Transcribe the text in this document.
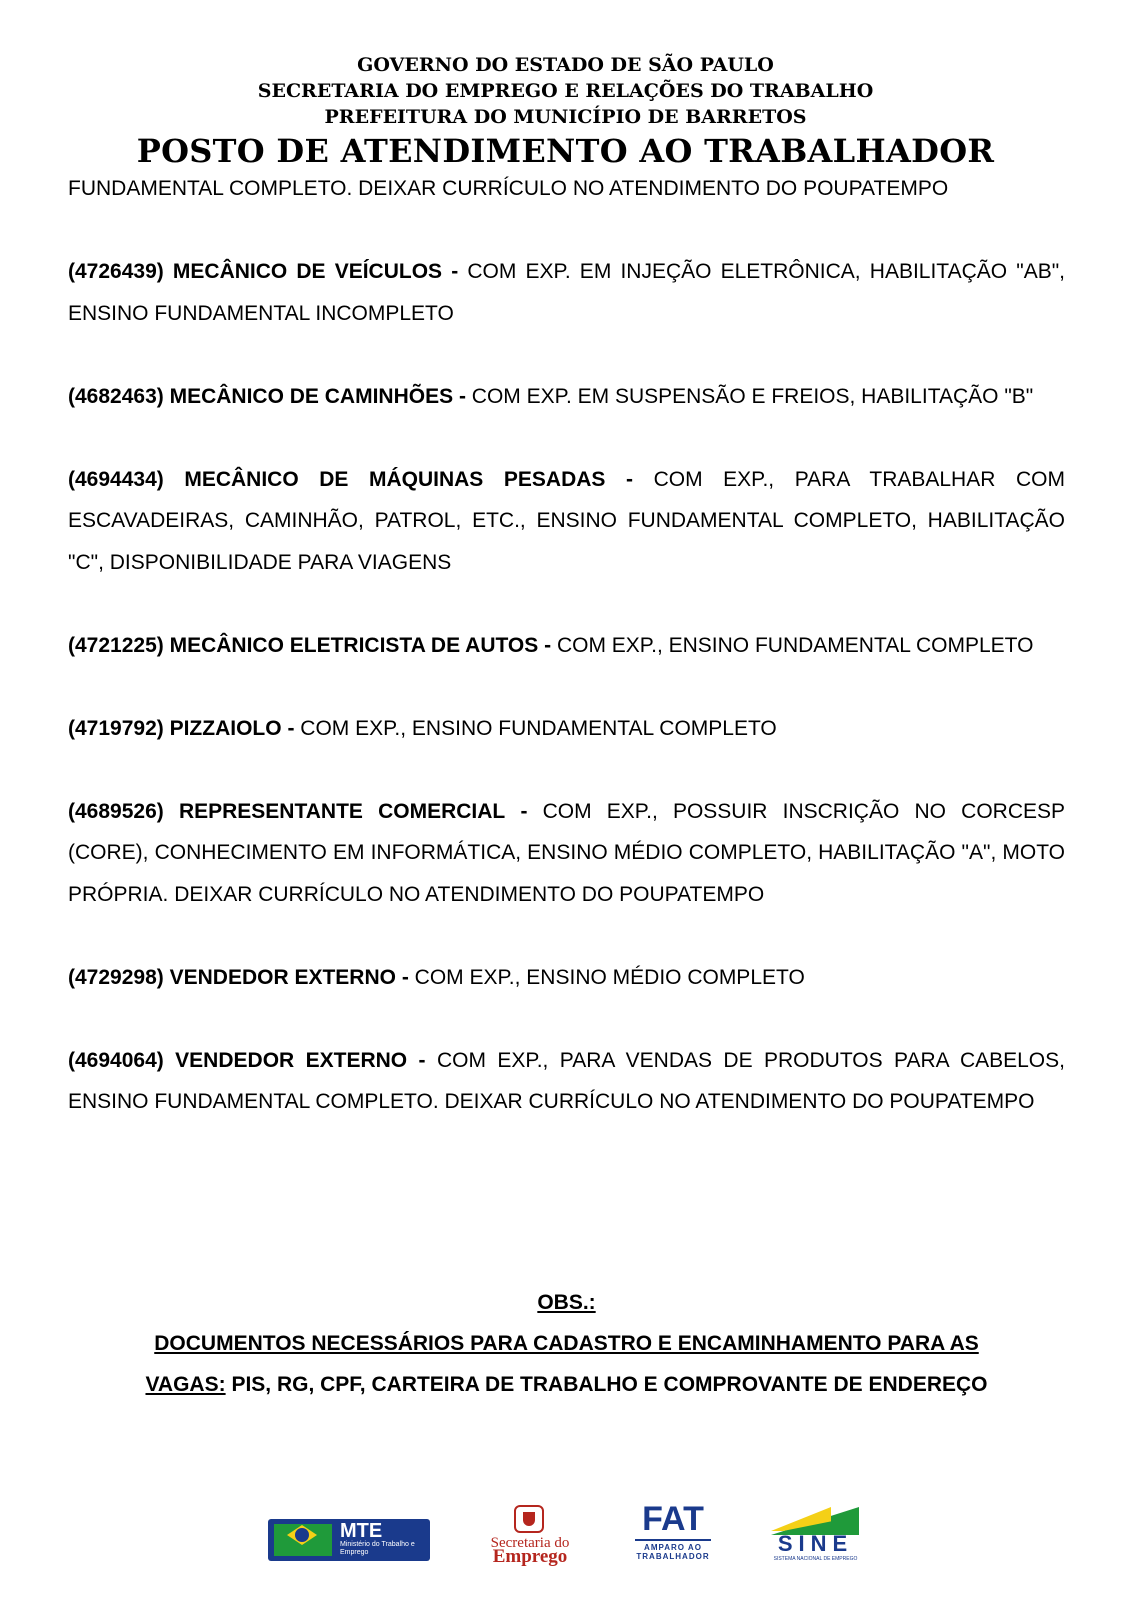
GOVERNO DO ESTADO DE SÃO PAULO

SECRETARIA DO EMPREGO E RELAÇÕES DO TRABALHO

PREFEITURA DO MUNICÍPIO DE BARRETOS

POSTO DE ATENDIMENTO AO TRABALHADOR

FUNDAMENTAL COMPLETO. DEIXAR CURRÍCULO NO ATENDIMENTO DO POUPATEMPO

(4726439) MECÂNICO DE VEÍCULOS - COM EXP. EM INJEÇÃO ELETRÔNICA, HABILITAÇÃO "AB", ENSINO FUNDAMENTAL INCOMPLETO

(4682463) MECÂNICO DE CAMINHÕES - COM EXP. EM SUSPENSÃO E FREIOS, HABILITAÇÃO "B"

(4694434) MECÂNICO DE MÁQUINAS PESADAS - COM EXP., PARA TRABALHAR COM ESCAVADEIRAS, CAMINHÃO, PATROL, ETC., ENSINO FUNDAMENTAL COMPLETO, HABILITAÇÃO "C", DISPONIBILIDADE PARA VIAGENS

(4721225) MECÂNICO ELETRICISTA DE AUTOS - COM EXP., ENSINO FUNDAMENTAL COMPLETO

(4719792) PIZZAIOLO - COM EXP., ENSINO FUNDAMENTAL COMPLETO

(4689526) REPRESENTANTE COMERCIAL - COM EXP., POSSUIR INSCRIÇÃO NO CORCESP (CORE), CONHECIMENTO EM INFORMÁTICA, ENSINO MÉDIO COMPLETO, HABILITAÇÃO "A", MOTO PRÓPRIA. DEIXAR CURRÍCULO NO ATENDIMENTO DO POUPATEMPO

(4729298) VENDEDOR EXTERNO - COM EXP., ENSINO MÉDIO COMPLETO

(4694064) VENDEDOR EXTERNO - COM EXP., PARA VENDAS DE PRODUTOS PARA CABELOS, ENSINO FUNDAMENTAL COMPLETO. DEIXAR CURRÍCULO NO ATENDIMENTO DO POUPATEMPO

OBS.:

DOCUMENTOS NECESSÁRIOS PARA CADASTRO E ENCAMINHAMENTO PARA AS

VAGAS: PIS, RG, CPF, CARTEIRA DE TRABALHO E COMPROVANTE DE ENDEREÇO

MTE
Ministério do Trabalho e Emprego
Secretaria do
Emprego
FAT
AMPARO AO TRABALHADOR
SINE
SISTEMA NACIONAL DE EMPREGO
